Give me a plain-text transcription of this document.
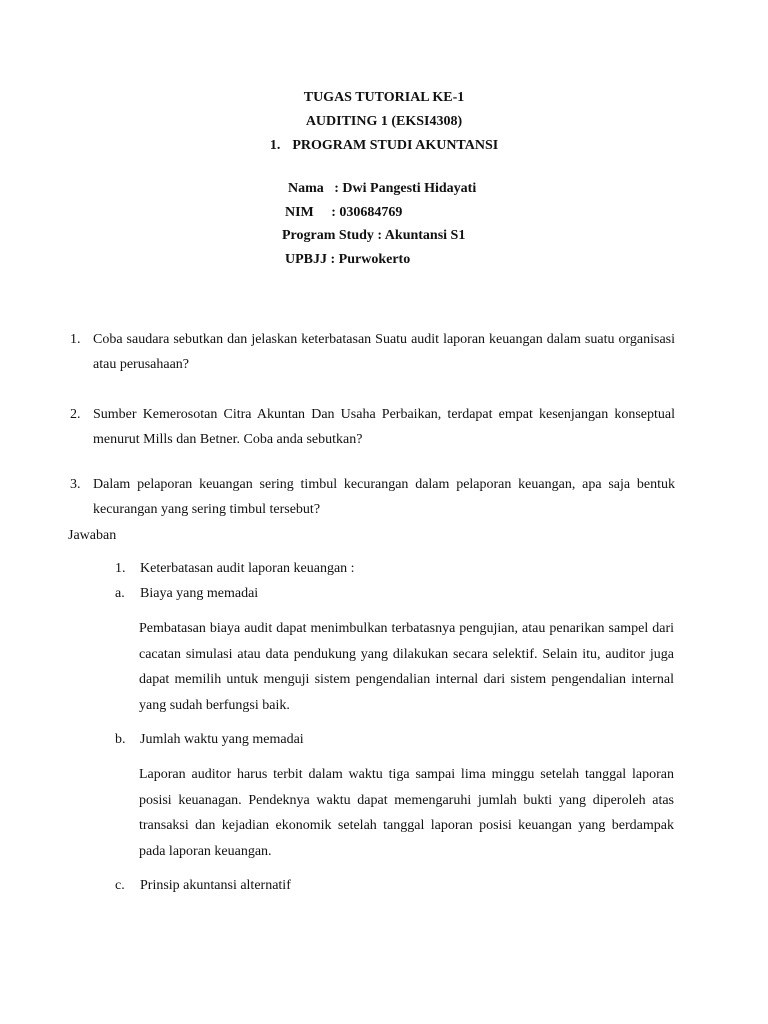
TUGAS TUTORIAL KE-1
AUDITING 1 (EKSI4308)
1. PROGRAM STUDI AKUNTANSI
Nama   : Dwi Pangesti Hidayati
NIM     : 030684769
Program Study : Akuntansi S1
UPBJJ : Purwokerto
1. Coba saudara sebutkan dan jelaskan keterbatasan Suatu audit laporan keuangan dalam suatu organisasi atau perusahaan?
2. Sumber Kemerosotan Citra Akuntan Dan Usaha Perbaikan, terdapat empat kesenjangan konseptual menurut Mills dan Betner. Coba anda sebutkan?
3. Dalam pelaporan keuangan sering timbul kecurangan dalam pelaporan keuangan, apa saja bentuk kecurangan yang sering timbul tersebut?
Jawaban
1. Keterbatasan audit laporan keuangan :
a. Biaya yang memadai
Pembatasan biaya audit dapat menimbulkan terbatasnya pengujian, atau penarikan sampel dari cacatan simulasi atau data pendukung yang dilakukan secara selektif. Selain itu, auditor juga dapat memilih untuk menguji sistem pengendalian internal dari sistem pengendalian internal yang sudah berfungsi baik.
b. Jumlah waktu yang memadai
Laporan auditor harus terbit dalam waktu tiga sampai lima minggu setelah tanggal laporan posisi keuanagan. Pendeknya waktu dapat memengaruhi jumlah bukti yang diperoleh atas transaksi dan kejadian ekonomik setelah tanggal laporan posisi keuangan yang berdampak pada laporan keuangan.
c. Prinsip akuntansi alternatif
